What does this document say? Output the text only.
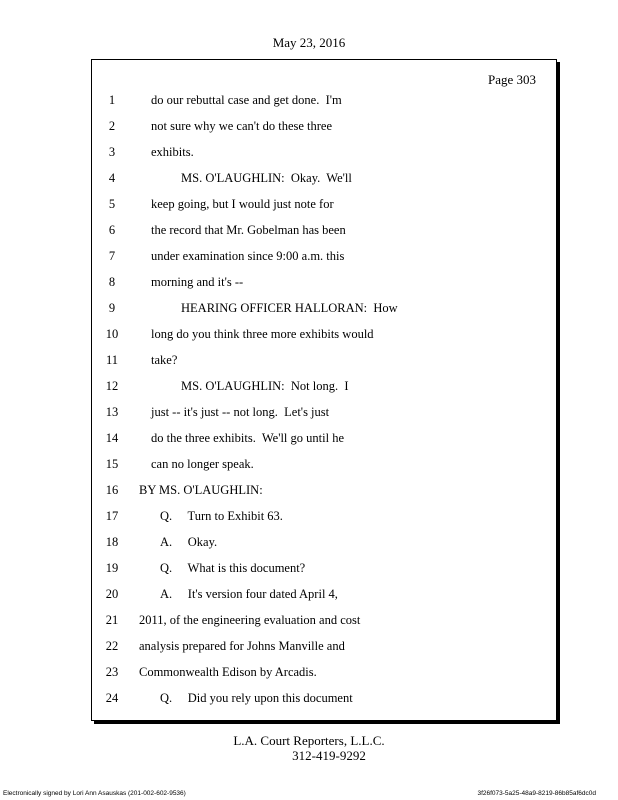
May 23, 2016
Page 303
1	do our rebuttal case and get done.  I'm
2	not sure why we can't do these three
3	exhibits.
4	MS. O'LAUGHLIN:  Okay.  We'll
5	keep going, but I would just note for
6	the record that Mr. Gobelman has been
7	under examination since 9:00 a.m. this
8	morning and it's --
9	HEARING OFFICER HALLORAN:  How
10	long do you think three more exhibits would
11	take?
12	MS. O'LAUGHLIN:  Not long.  I
13	just -- it's just -- not long.  Let's just
14	do the three exhibits.  We'll go until he
15	can no longer speak.
16	BY MS. O'LAUGHLIN:
17	Q.     Turn to Exhibit 63.
18	A.     Okay.
19	Q.     What is this document?
20	A.     It's version four dated April 4,
21	2011, of the engineering evaluation and cost
22	analysis prepared for Johns Manville and
23	Commonwealth Edison by Arcadis.
24	Q.     Did you rely upon this document
L.A. Court Reporters, L.L.C.
312-419-9292
Electronically signed by Lori Ann Asauskas (201-002-602-9536)	3f26f073-5a25-48a9-8219-86b85af6dc0d
